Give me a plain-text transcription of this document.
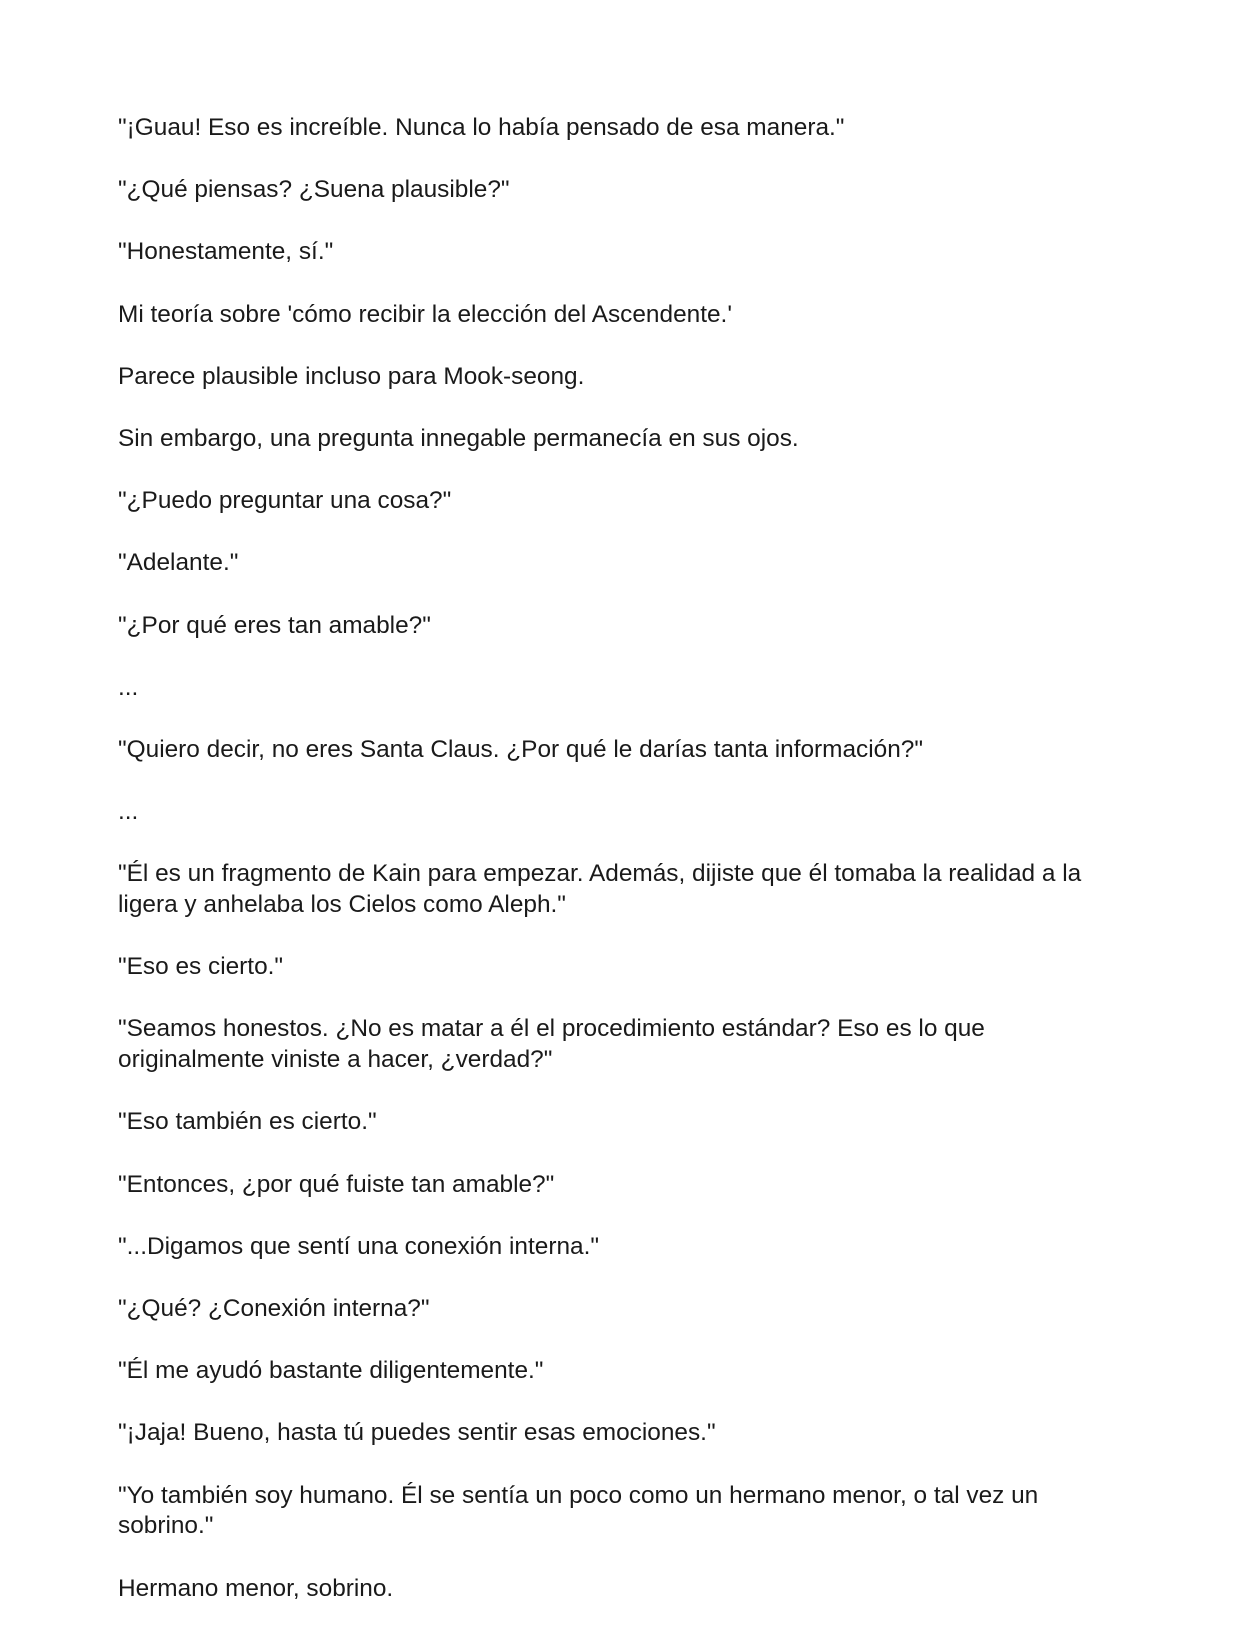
"¡Guau! Eso es increíble. Nunca lo había pensado de esa manera."

"¿Qué piensas? ¿Suena plausible?"

"Honestamente, sí."

Mi teoría sobre 'cómo recibir la elección del Ascendente.'

Parece plausible incluso para Mook-seong.

Sin embargo, una pregunta innegable permanecía en sus ojos.

"¿Puedo preguntar una cosa?"

"Adelante."

"¿Por qué eres tan amable?"

...

"Quiero decir, no eres Santa Claus. ¿Por qué le darías tanta información?"

...

"Él es un fragmento de Kain para empezar. Además, dijiste que él tomaba la realidad a la ligera y anhelaba los Cielos como Aleph."

"Eso es cierto."

"Seamos honestos. ¿No es matar a él el procedimiento estándar? Eso es lo que originalmente viniste a hacer, ¿verdad?"

"Eso también es cierto."

"Entonces, ¿por qué fuiste tan amable?"

"...Digamos que sentí una conexión interna."

"¿Qué? ¿Conexión interna?"

"Él me ayudó bastante diligentemente."

"¡Jaja! Bueno, hasta tú puedes sentir esas emociones."

"Yo también soy humano. Él se sentía un poco como un hermano menor, o tal vez un sobrino."

Hermano menor, sobrino.
